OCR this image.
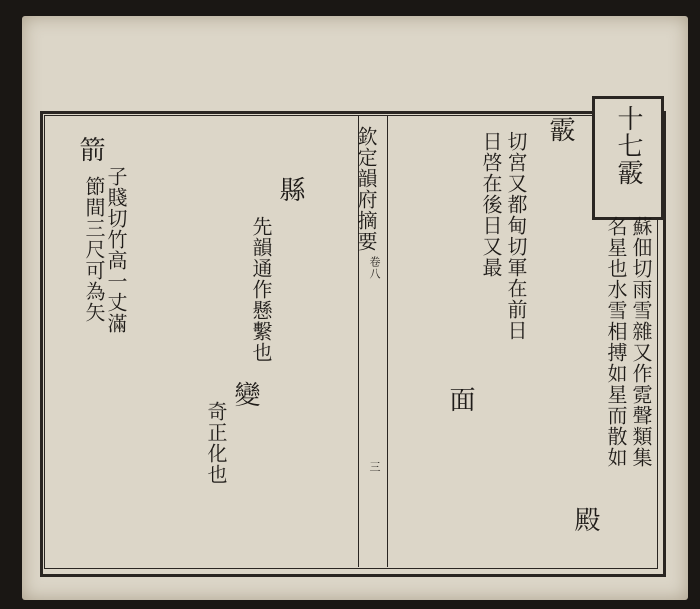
十七霰
欽定韻府摘要
卷八
三	蘇佃切雨雪雜又作霓聲類集
名星也水雪相搏如星而散如
霰
殿
切宮又都甸切軍在前日
日啓在後日又最
面
縣
先韻通作懸繫也
變
奇正化也
箭
子賤切竹高一丈滿
節間三尺可為矢
